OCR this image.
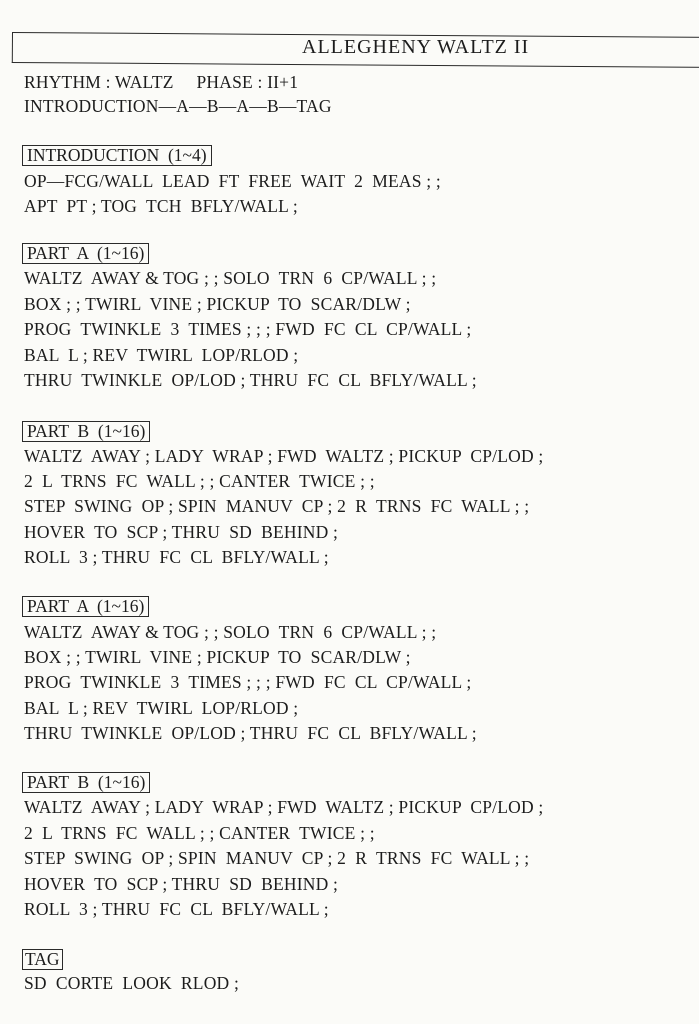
ALLEGHENY WALTZ II
RHYTHM : WALTZ     PHASE : II+1
INTRODUCTION—A—B—A—B—TAG
INTRODUCTION  (1~4)
OP—FCG/WALL  LEAD  FT  FREE  WAIT  2  MEAS ; ;
APT  PT ; TOG  TCH  BFLY/WALL ;
PART  A  (1~16)
WALTZ  AWAY & TOG ; ; SOLO  TRN  6  CP/WALL ; ;
BOX ; ; TWIRL  VINE ; PICKUP  TO  SCAR/DLW ;
PROG  TWINKLE  3  TIMES ; ; ; FWD  FC  CL  CP/WALL ;
BAL  L ; REV  TWIRL  LOP/RLOD ;
THRU  TWINKLE  OP/LOD ; THRU  FC  CL  BFLY/WALL ;
PART  B  (1~16)
WALTZ  AWAY ; LADY  WRAP ; FWD  WALTZ ; PICKUP  CP/LOD ;
2  L  TRNS  FC  WALL ; ; CANTER  TWICE ; ;
STEP  SWING  OP ; SPIN  MANUV  CP ; 2  R  TRNS  FC  WALL ; ;
HOVER  TO  SCP ; THRU  SD  BEHIND ;
ROLL  3 ; THRU  FC  CL  BFLY/WALL ;
PART  A  (1~16)
WALTZ  AWAY & TOG ; ; SOLO  TRN  6  CP/WALL ; ;
BOX ; ; TWIRL  VINE ; PICKUP  TO  SCAR/DLW ;
PROG  TWINKLE  3  TIMES ; ; ; FWD  FC  CL  CP/WALL ;
BAL  L ; REV  TWIRL  LOP/RLOD ;
THRU  TWINKLE  OP/LOD ; THRU  FC  CL  BFLY/WALL ;
PART  B  (1~16)
WALTZ  AWAY ; LADY  WRAP ; FWD  WALTZ ; PICKUP  CP/LOD ;
2  L  TRNS  FC  WALL ; ; CANTER  TWICE ; ;
STEP  SWING  OP ; SPIN  MANUV  CP ; 2  R  TRNS  FC  WALL ; ;
HOVER  TO  SCP ; THRU  SD  BEHIND ;
ROLL  3 ; THRU  FC  CL  BFLY/WALL ;
TAG
SD  CORTE  LOOK  RLOD ;
